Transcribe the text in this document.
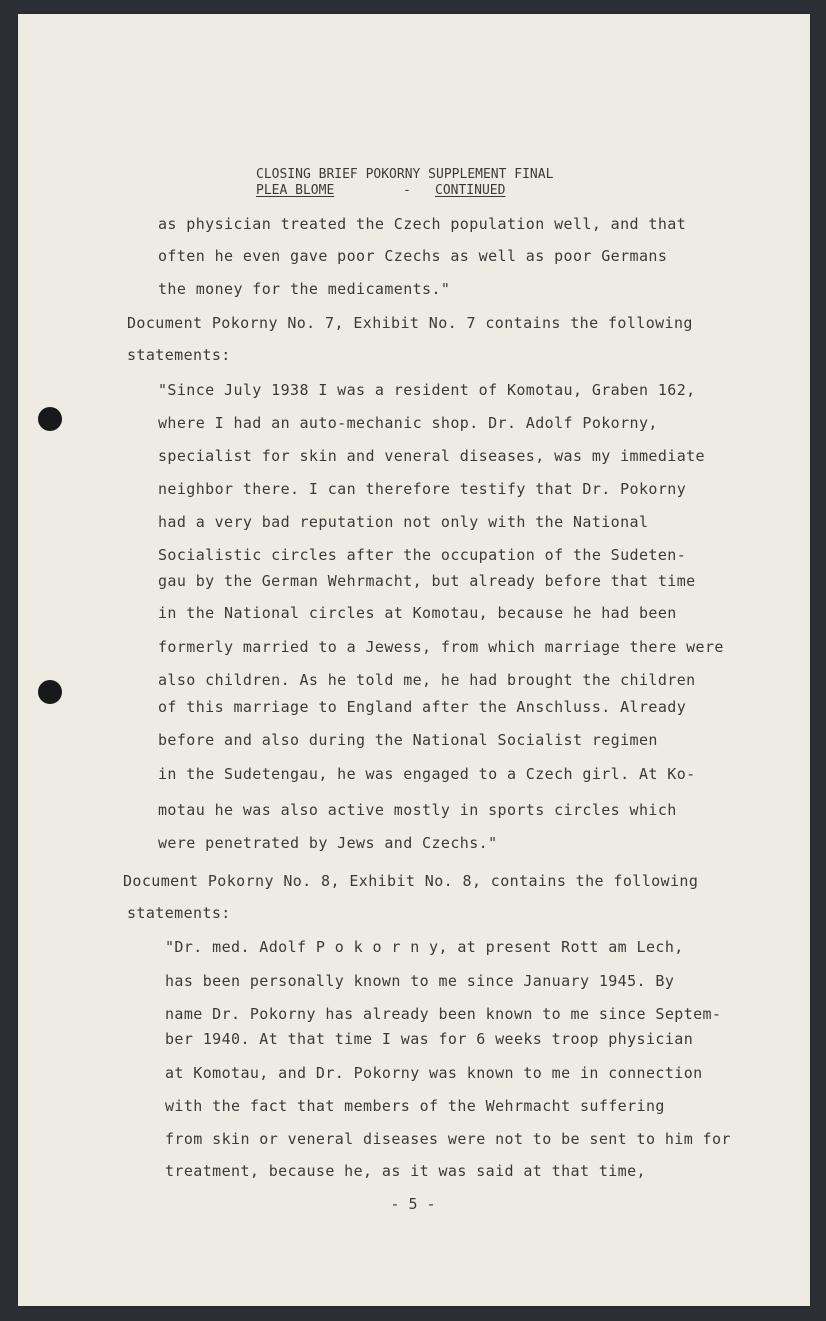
CLOSING BRIEF POKORNY SUPPLEMENT FINAL
PLEA BLOME	- CONTINUED
as physician treated the Czech population well, and that
often he even gave poor Czechs as well as poor Germans
the money for the medicaments."
Document Pokorny No. 7, Exhibit No. 7 contains the following
statements:
"Since July 1938 I was a resident of Komotau, Graben 162,
where I had an auto-mechanic shop. Dr. Adolf Pokorny,
specialist for skin and veneral diseases, was my immediate
neighbor there. I can therefore testify that Dr. Pokorny
had a very bad reputation not only with the National
Socialistic circles after the occupation of the Sudeten-
gau by the German Wehrmacht, but already before that time
in the National circles at Komotau, because he had been
formerly married to a Jewess, from which marriage there were
also children. As he told me, he had brought the children
of this marriage to England after the Anschluss. Already
before and also during the National Socialist regimen
in the Sudetengau, he was engaged to a Czech girl. At Ko-
motau he was also active mostly in sports circles which
were penetrated by Jews and Czechs."
Document Pokorny No. 8, Exhibit No. 8, contains the following
statements:
"Dr. med. Adolf P o k o r n y, at present Rott am Lech,
has been personally known to me since January 1945. By
name Dr. Pokorny has already been known to me since Septem-
ber 1940. At that time I was for 6 weeks troop physician
at Komotau, and Dr. Pokorny was known to me in connection
with the fact that members of the Wehrmacht suffering
from skin or veneral diseases were not to be sent to him for
treatment, because he, as it was said at that time,
- 5 -
